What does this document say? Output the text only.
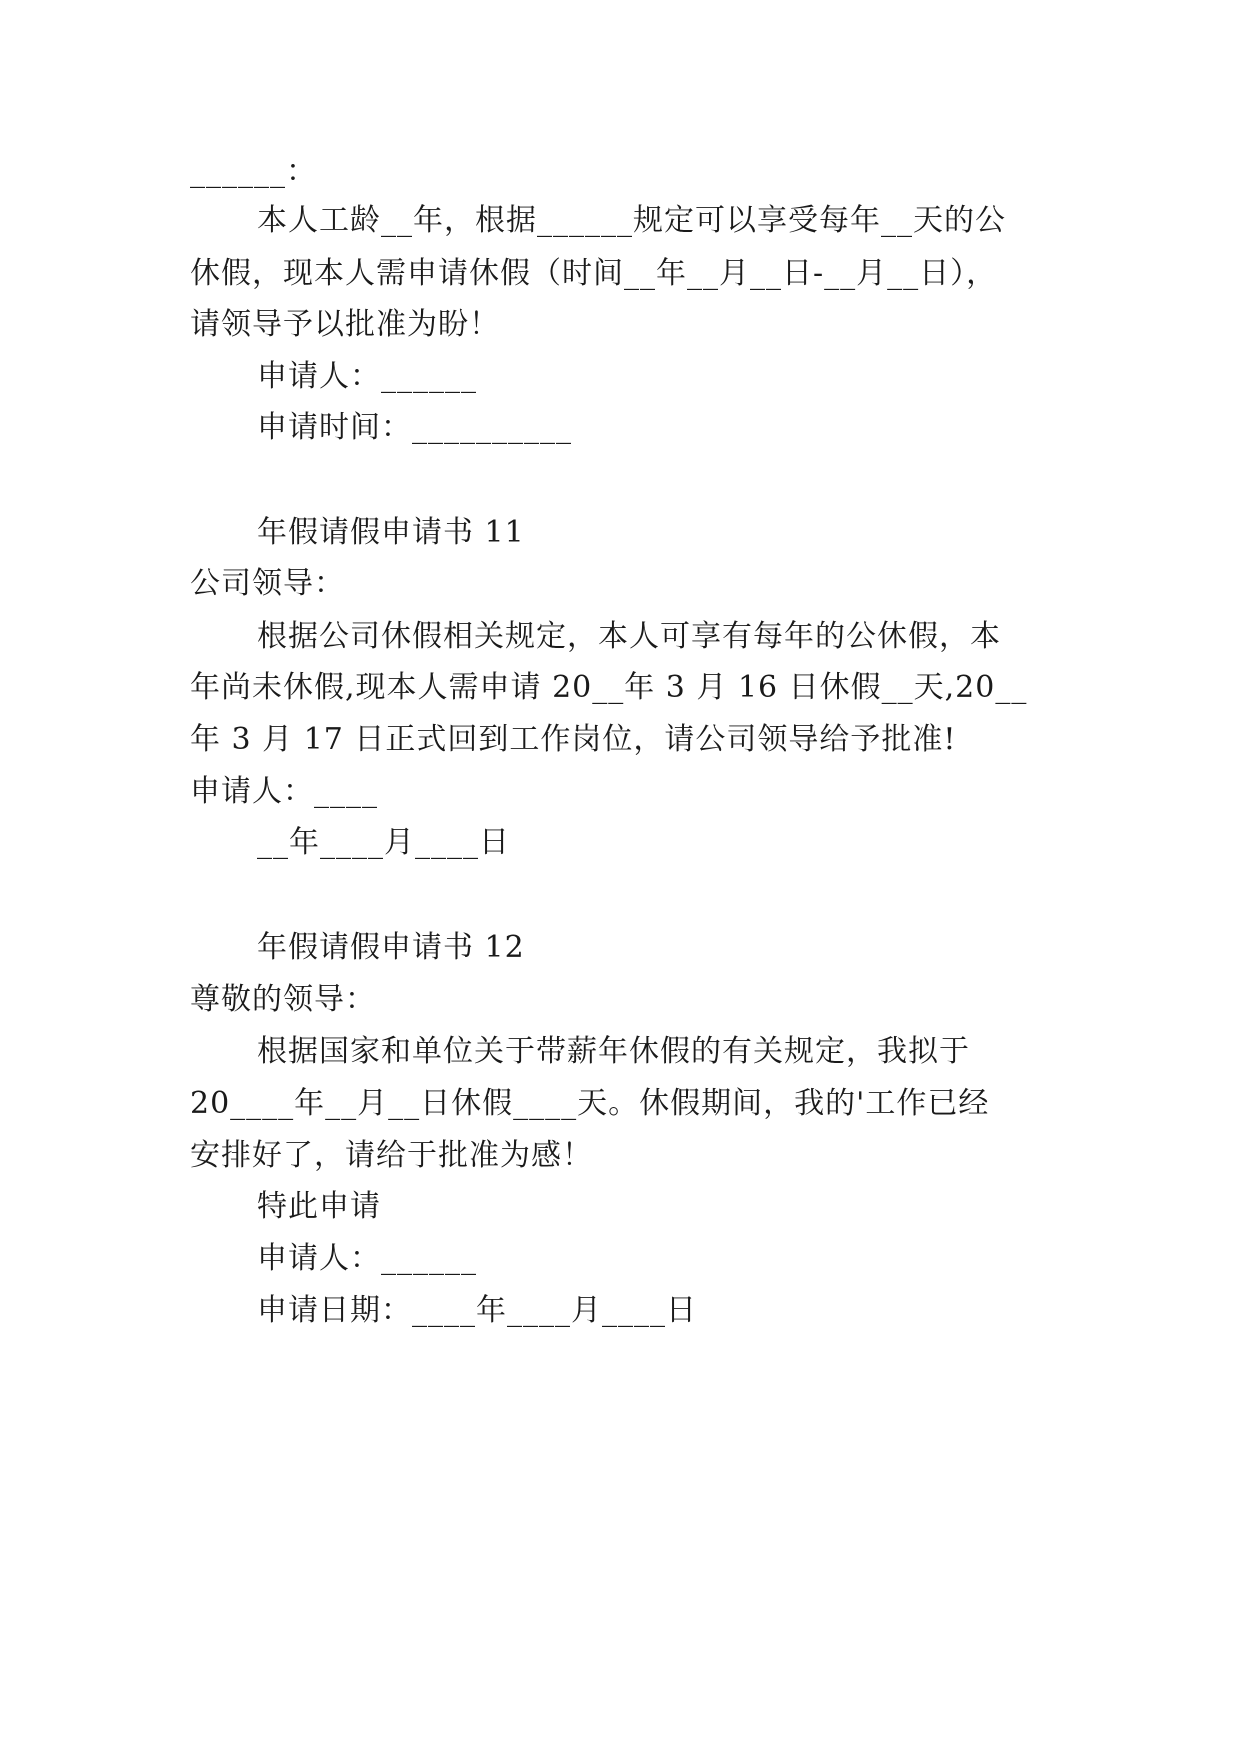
______：
本人工龄__年，根据______规定可以享受每年__天的公
休假，现本人需申请休假（时间__年__月__日-__月__日），
请领导予以批准为盼！
申请人：______
申请时间：__________
年假请假申请书 11
公司领导：
根据公司休假相关规定，本人可享有每年的公休假，本
年尚未休假,现本人需申请 20__年 3 月 16 日休假__天,20__
年 3 月 17 日正式回到工作岗位，请公司领导给予批准!
申请人：____
__年____月____日
年假请假申请书 12
尊敬的领导：
根据国家和单位关于带薪年休假的有关规定，我拟于
20____年__月__日休假____天。休假期间，我的'工作已经
安排好了，请给于批准为感！
特此申请
申请人：______
申请日期：____年____月____日
